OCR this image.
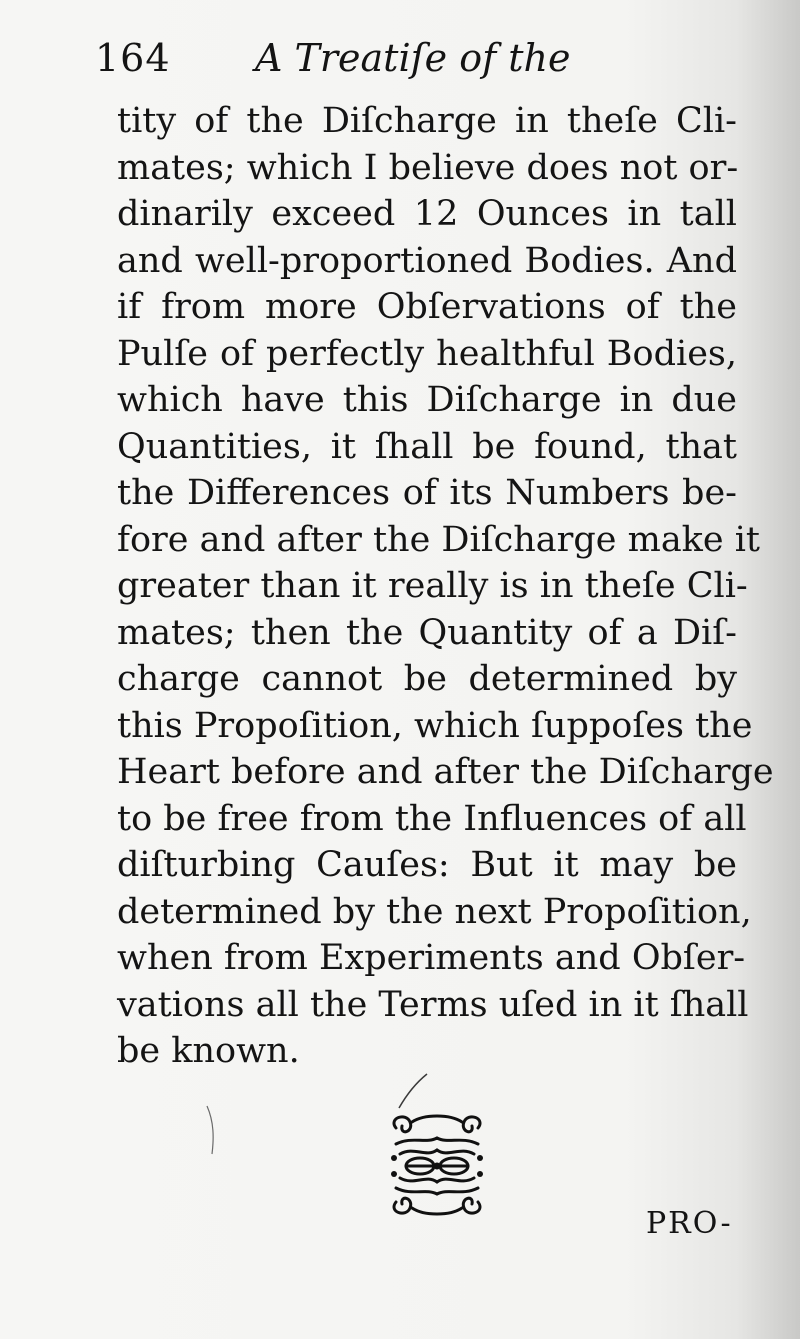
164 A Treatiſe of the
tity of the Diſcharge in theſe Cli-
mates; which I believe does not or-
dinarily exceed 12 Ounces in tall
and well-proportioned Bodies. And
if from more Obſervations of the
Pulſe of perfectly healthful Bodies,
which have this Diſcharge in due
Quantities, it ſhall be found, that
the Differences of its Numbers be-
fore and after the Diſcharge make it
greater than it really is in theſe Cli-
mates; then the Quantity of a Diſ-
charge cannot be determined by
this Propoſition, which ſuppoſes the
Heart before and after the Diſcharge
to be free from the Influences of all
diſturbing Cauſes: But it may be
determined by the next Propoſition,
when from Experiments and Obſer-
vations all the Terms uſed in it ſhall
be known.
PRO-
